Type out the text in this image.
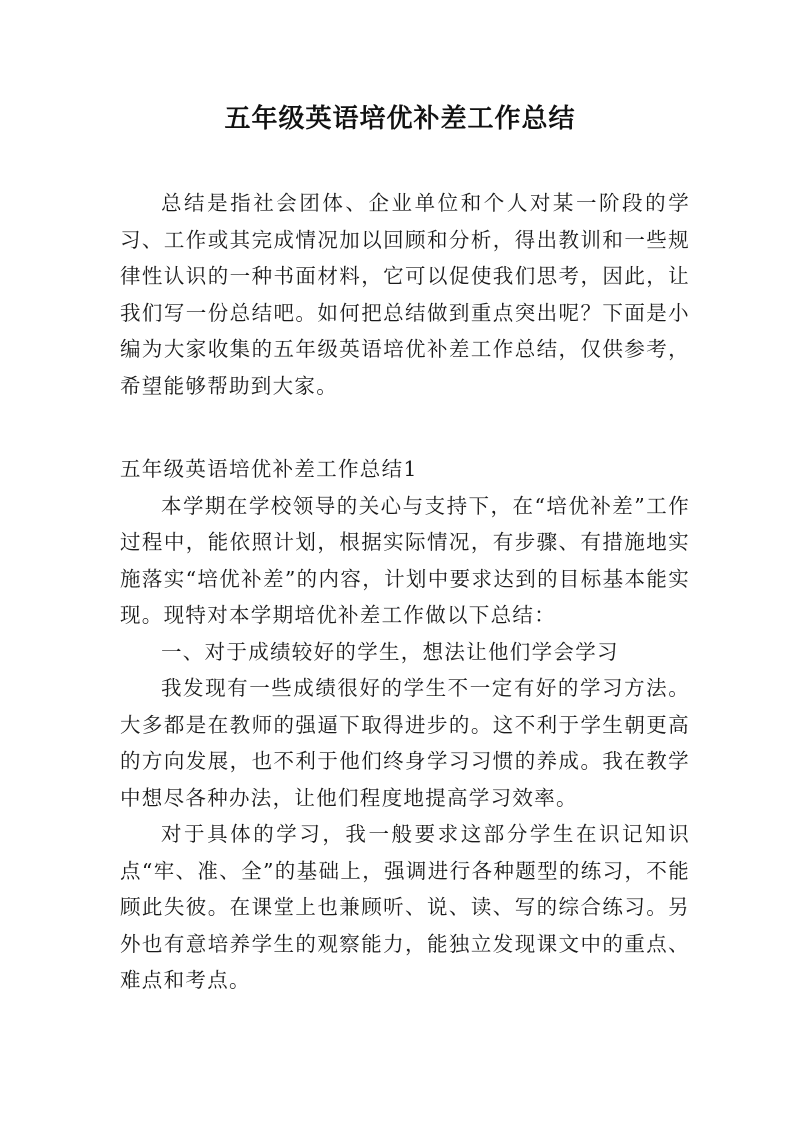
五年级英语培优补差工作总结

总结是指社会团体、企业单位和个人对某一阶段的学习、工作或其完成情况加以回顾和分析，得出教训和一些规律性认识的一种书面材料，它可以促使我们思考，因此，让我们写一份总结吧。如何把总结做到重点突出呢？下面是小编为大家收集的五年级英语培优补差工作总结，仅供参考，希望能够帮助到大家。

五年级英语培优补差工作总结1

本学期在学校领导的关心与支持下，在“培优补差”工作过程中，能依照计划，根据实际情况，有步骤、有措施地实施落实“培优补差”的内容，计划中要求达到的目标基本能实现。现特对本学期培优补差工作做以下总结：

一、对于成绩较好的学生，想法让他们学会学习

我发现有一些成绩很好的学生不一定有好的学习方法。大多都是在教师的强逼下取得进步的。这不利于学生朝更高的方向发展，也不利于他们终身学习习惯的养成。我在教学中想尽各种办法，让他们程度地提高学习效率。

对于具体的学习，我一般要求这部分学生在识记知识点“牢、准、全”的基础上，强调进行各种题型的练习，不能顾此失彼。在课堂上也兼顾听、说、读、写的综合练习。另外也有意培养学生的观察能力，能独立发现课文中的重点、难点和考点。
